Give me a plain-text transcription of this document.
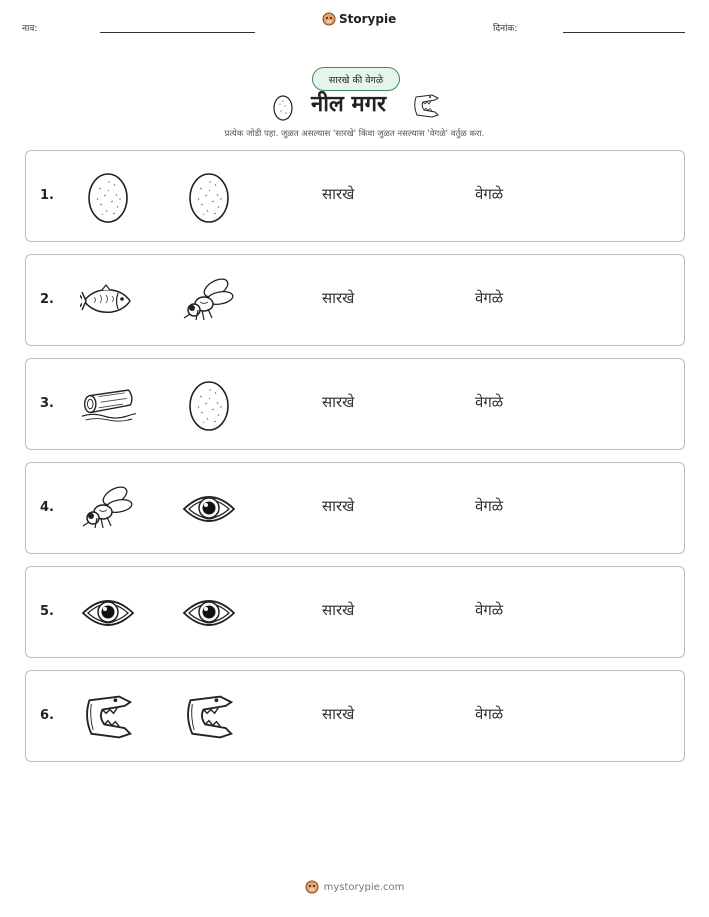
नाव:
Storypie
दिनांक:
सारखे की वेगळे
नील मगर
प्रत्येक जोडी पहा. जुळत असल्यास 'सारखे' किंवा जुळत नसल्यास 'वेगळे' वर्तुळ करा.
1.	सारखे	वेगळे
2.	सारखे	वेगळे
3.	सारखे	वेगळे
4.	सारखे	वेगळे
5.	सारखे	वेगळे
6.	सारखे	वेगळे
mystorypie.com
